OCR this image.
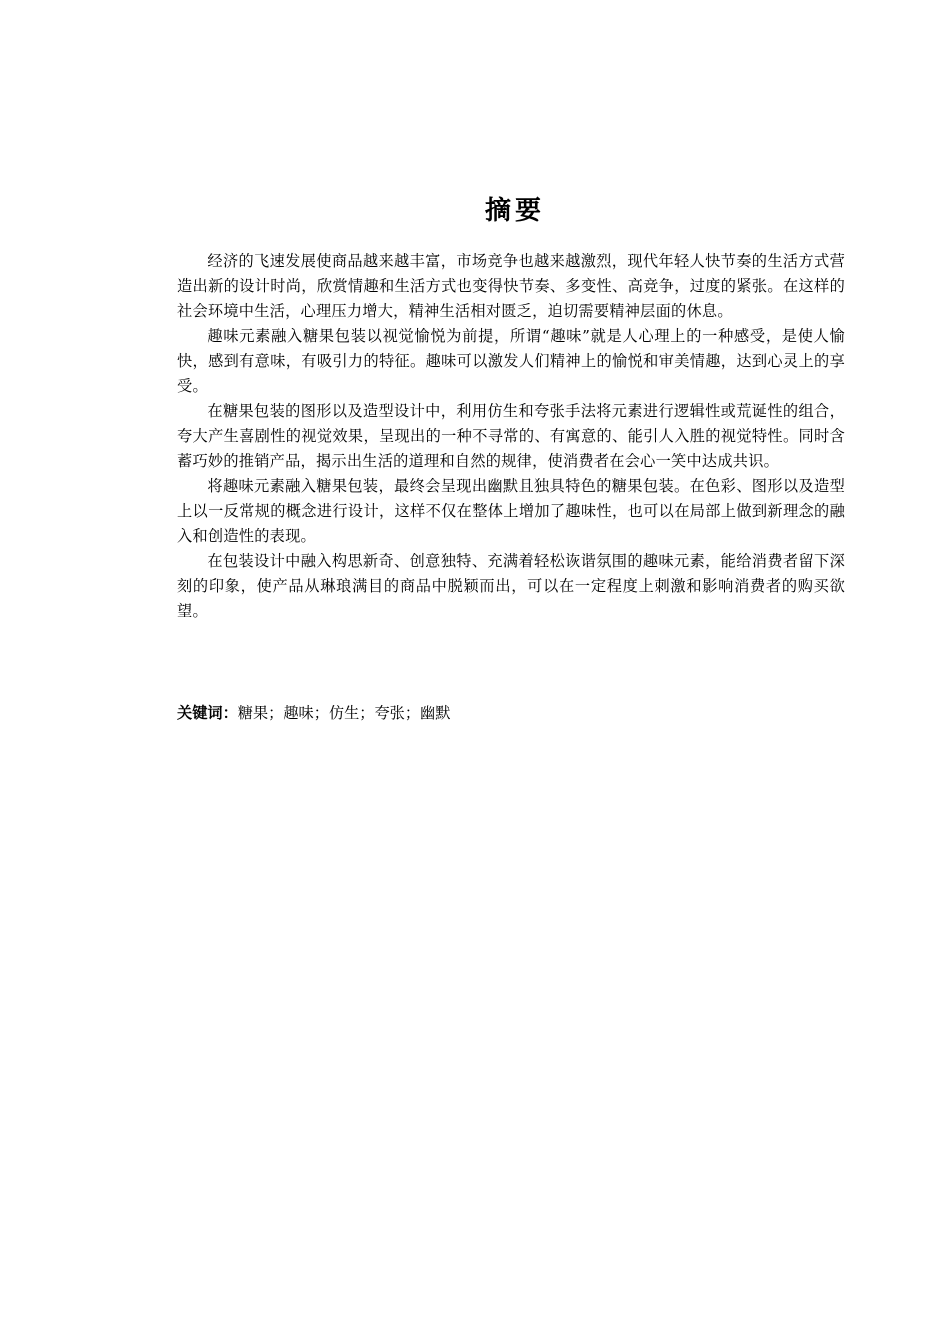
摘要

经济的飞速发展使商品越来越丰富，市场竞争也越来越激烈，现代年轻人快节奏的生活方式营造出新的设计时尚，欣赏情趣和生活方式也变得快节奏、多变性、高竞争，过度的紧张。在这样的社会环境中生活，心理压力增大，精神生活相对匮乏，迫切需要精神层面的休息。

趣味元素融入糖果包装以视觉愉悦为前提，所谓“趣味”就是人心理上的一种感受，是使人愉快，感到有意味，有吸引力的特征。趣味可以激发人们精神上的愉悦和审美情趣，达到心灵上的享受。

在糖果包装的图形以及造型设计中，利用仿生和夸张手法将元素进行逻辑性或荒诞性的组合，夸大产生喜剧性的视觉效果，呈现出的一种不寻常的、有寓意的、能引人入胜的视觉特性。同时含蓄巧妙的推销产品，揭示出生活的道理和自然的规律，使消费者在会心一笑中达成共识。

将趣味元素融入糖果包装，最终会呈现出幽默且独具特色的糖果包装。在色彩、图形以及造型上以一反常规的概念进行设计，这样不仅在整体上增加了趣味性，也可以在局部上做到新理念的融入和创造性的表现。

在包装设计中融入构思新奇、创意独特、充满着轻松诙谐氛围的趣味元素，能给消费者留下深刻的印象，使产品从琳琅满目的商品中脱颖而出，可以在一定程度上刺激和影响消费者的购买欲望。

关键词：糖果；趣味；仿生；夸张；幽默
